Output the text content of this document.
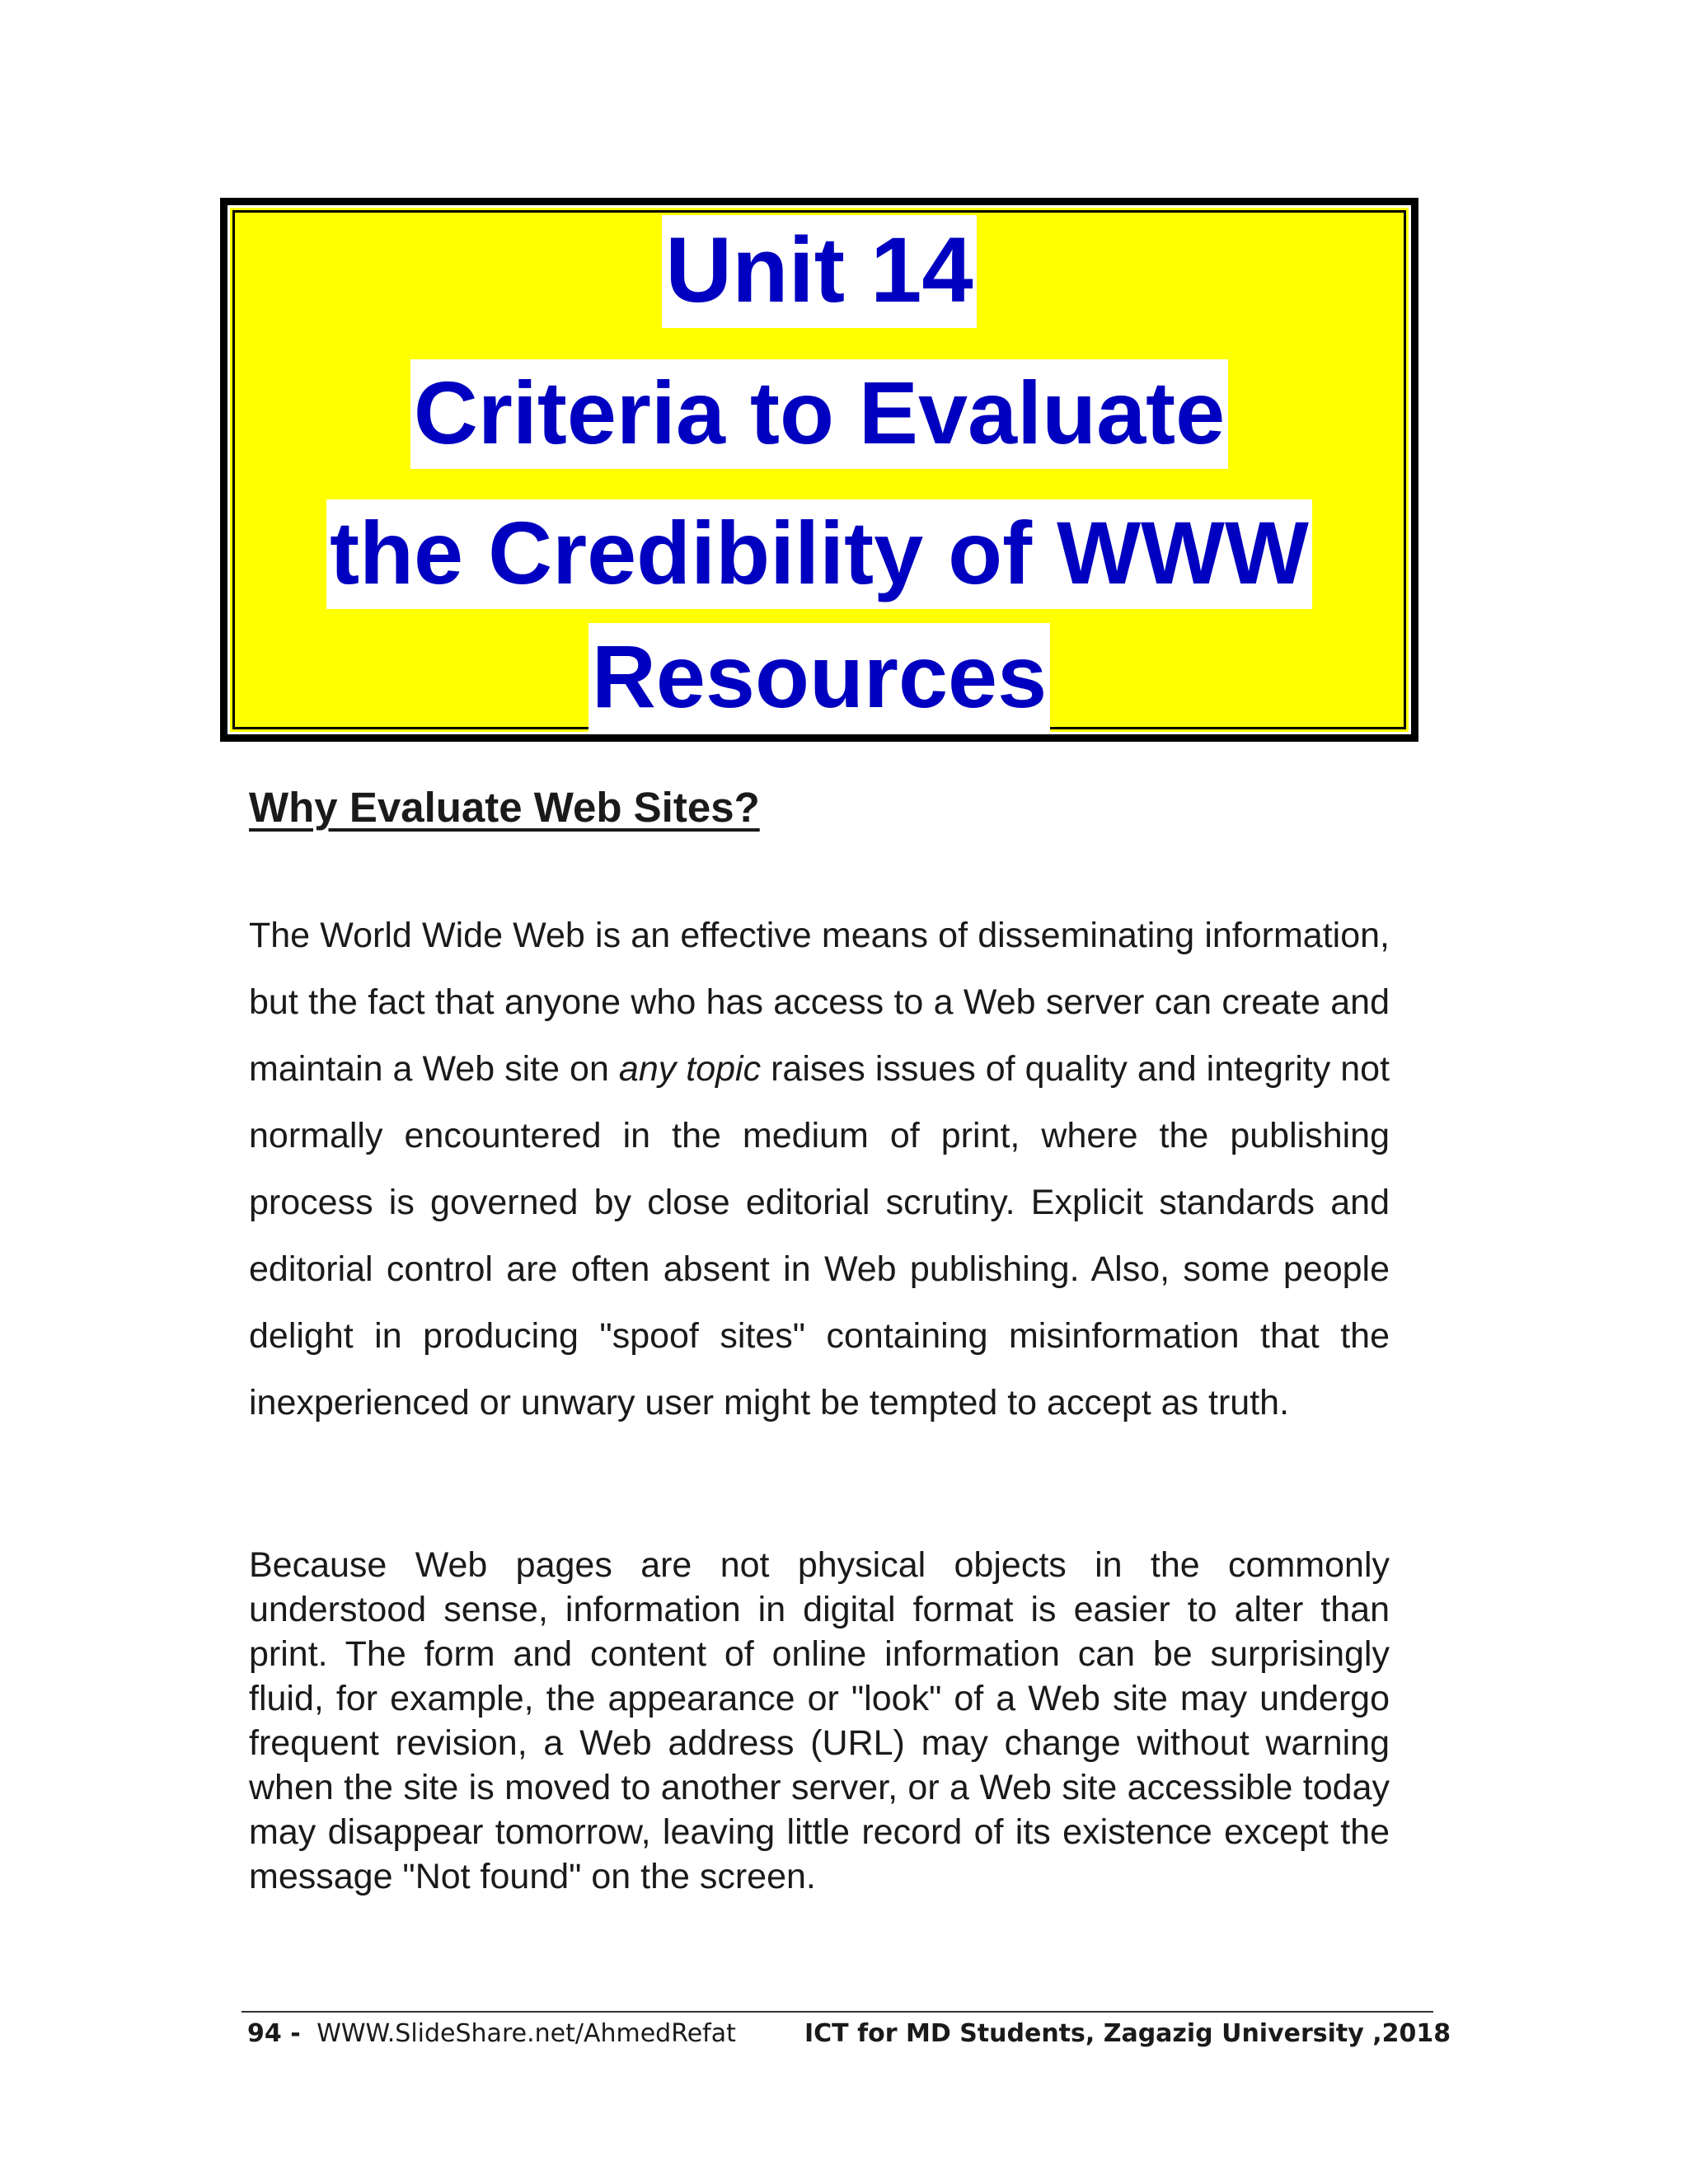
Unit 14
Criteria to Evaluate
the Credibility of WWW
Resources
Why Evaluate Web Sites?

The World Wide Web is an effective means of disseminating information, but the fact that anyone who has access to a Web server can create and maintain a Web site on any topic raises issues of quality and integrity not normally encountered in the medium of print, where the publishing process is governed by close editorial scrutiny. Explicit standards and editorial control are often absent in Web publishing. Also, some people delight in producing "spoof sites" containing misinformation that the inexperienced or unwary user might be tempted to accept as truth.

Because Web pages are not physical objects in the commonly understood sense, information in digital format is easier to alter than print. The form and content of online information can be surprisingly fluid, for example, the appearance or "look" of a Web site may undergo frequent revision, a Web address (URL) may change without warning when the site is moved to another server, or a Web site accessible today may disappear tomorrow, leaving little record of its existence except the message "Not found" on the screen.

94 - WWW.SlideShare.net/AhmedRefat	ICT for MD Students, Zagazig University ,2018
